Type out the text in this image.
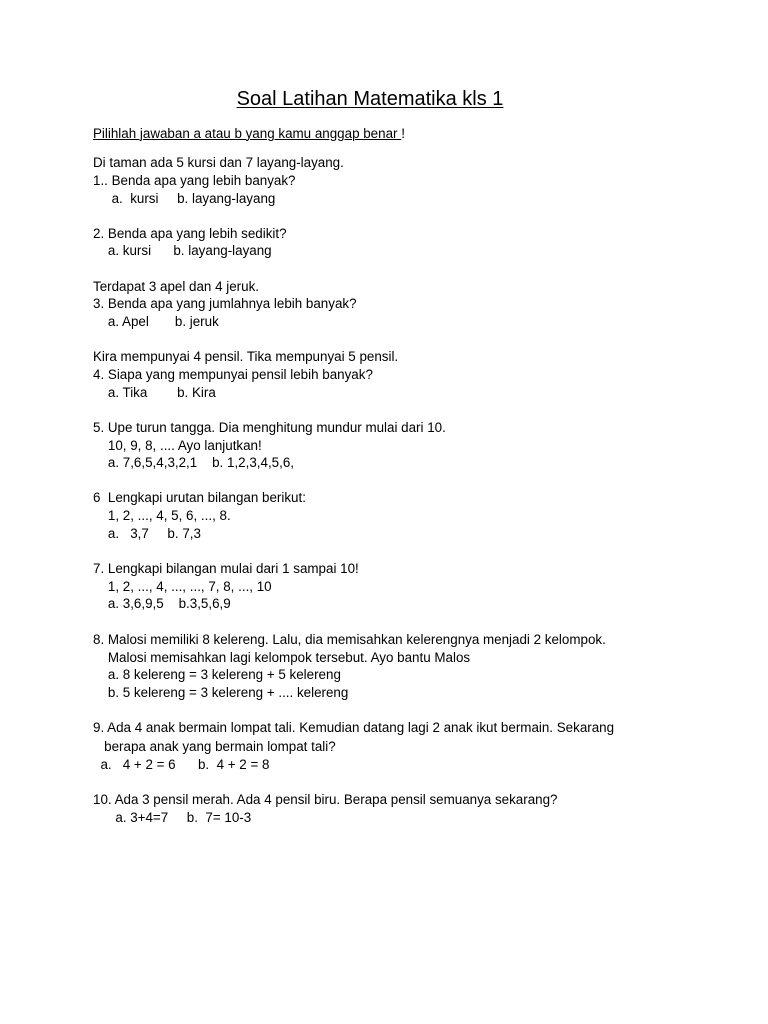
Soal Latihan Matematika kls 1
Pilihlah jawaban a atau b yang kamu anggap benar !
Di taman ada 5 kursi dan 7 layang-layang.
1.. Benda apa yang lebih banyak?
a.  kursi     b. layang-layang
2. Benda apa yang lebih sedikit?
a. kursi      b. layang-layang
Terdapat 3 apel dan 4 jeruk.
3. Benda apa yang jumlahnya lebih banyak?
a. Apel       b. jeruk
Kira mempunyai 4 pensil. Tika mempunyai 5 pensil.
4. Siapa yang mempunyai pensil lebih banyak?
a. Tika        b. Kira
5. Upe turun tangga. Dia menghitung mundur mulai dari 10.
10, 9, 8, .... Ayo lanjutkan!
a. 7,6,5,4,3,2,1    b. 1,2,3,4,5,6,
6  Lengkapi urutan bilangan berikut:
1, 2, ..., 4, 5, 6, ..., 8.
a.   3,7     b. 7,3
7. Lengkapi bilangan mulai dari 1 sampai 10!
1, 2, ..., 4, ..., ..., 7, 8, ..., 10
a. 3,6,9,5    b.3,5,6,9
8. Malosi memiliki 8 kelereng. Lalu, dia memisahkan kelerengnya menjadi 2 kelompok.
Malosi memisahkan lagi kelompok tersebut. Ayo bantu Malos
a. 8 kelereng = 3 kelereng + 5 kelereng
b. 5 kelereng = 3 kelereng + .... kelereng
9. Ada 4 anak bermain lompat tali. Kemudian datang lagi 2 anak ikut bermain. Sekarang
berapa anak yang bermain lompat tali?
a.   4 + 2 = 6      b.  4 + 2 = 8
10. Ada 3 pensil merah. Ada 4 pensil biru. Berapa pensil semuanya sekarang?
a. 3+4=7     b.  7= 10-3
